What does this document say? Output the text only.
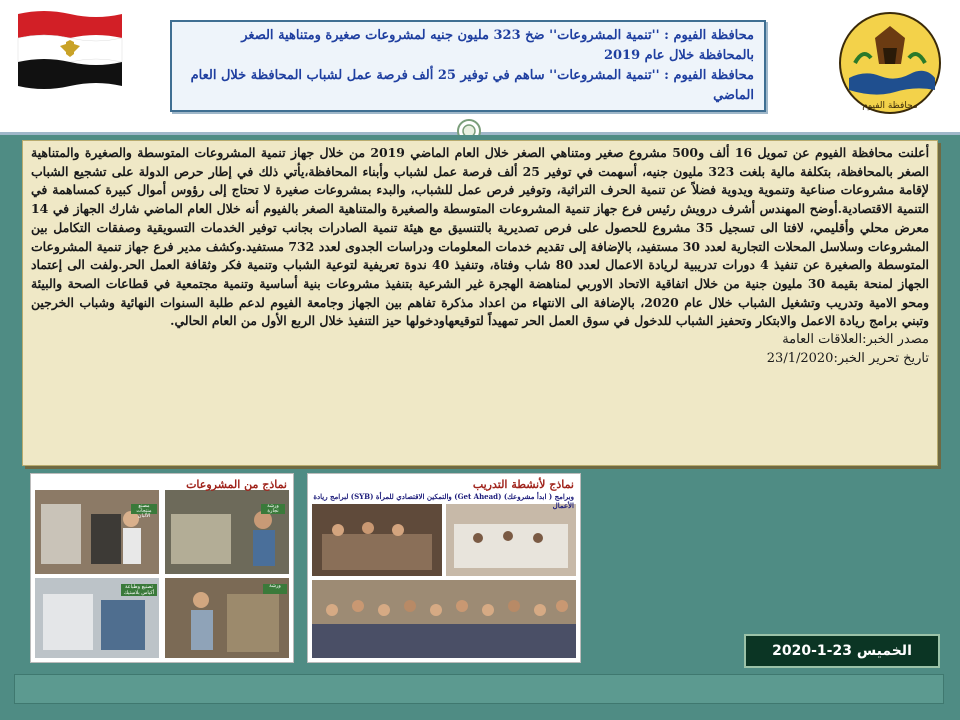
محافظة الفيوم : ''تنمية المشروعات'' ضخ 323 مليون جنيه لمشروعات صغيرة ومتناهية الصغر بالمحافظة خلال عام 2019

محافظة الفيوم : ''تنمية المشروعات'' ساهم في توفير 25 ألف فرصة عمل لشباب المحافظة خلال العام الماضي

محافظة الفيوم

أعلنت محافظة الفيوم عن تمويل 16 ألف و500 مشروع صغير ومتناهي الصغر خلال العام الماضي 2019 من خلال جهاز تنمية المشروعات المتوسطة والصغيرة والمتناهية الصغر بالمحافظة، بتكلفة مالية بلغت 323 مليون جنيه، أسهمت في توفير 25 ألف فرصة عمل لشباب وأبناء المحافظة،يأتي ذلك في إطار حرص الدولة على تشجيع الشباب لإقامة مشروعات صناعية وتنموية ويدوية فضلاً عن تنمية الحرف التراثية، وتوفير فرص عمل للشباب، والبدء بمشروعات صغيرة لا تحتاج إلى رؤوس أموال كبيرة كمساهمة في التنمية الاقتصادية.أوضح المهندس أشرف درويش رئيس فرع جهاز تنمية المشروعات المتوسطة والصغيرة والمتناهية الصغر بالفيوم أنه خلال العام الماضي شارك الجهاز في 14 معرض محلي وأقليمي، لافتا الى تسجيل 35 مشروع للحصول على فرص تصديرية بالتنسيق مع هيئة تنمية الصادرات بجانب توفير الخدمات التسويقية وصفقات التكامل بين المشروعات وسلاسل المحلات التجارية لعدد 30 مستفيد، بالإضافة إلى تقديم خدمات المعلومات ودراسات الجدوى لعدد 732 مستفيد.وكشف مدير فرع جهاز تنمية المشروعات المتوسطة والصغيرة عن تنفيذ 4 دورات تدريبية لريادة الاعمال لعدد 80 شاب وفتاة، وتنفيذ 40 ندوة تعريفية لتوعية الشباب وتنمية فكر وثقافة العمل الحر.ولفت الى إعتماد الجهاز لمنحة بقيمة 30 مليون جنية من خلال اتفاقية الاتحاد الاوربي لمناهضة الهجرة غير الشرعية بتنفيذ مشروعات بنية أساسية وتنمية مجتمعية في قطاعات الصحة والبيئة ومحو الامية وتدريب وتشغيل الشباب خلال عام 2020، بالإضافة الى الانتهاء من اعداد مذكرة تفاهم بين الجهاز وجامعة الفيوم لدعم طلبة السنوات النهائية وشباب الخرجين وتبني برامج ريادة الاعمل والابتكار وتحفيز الشباب للدخول في سوق العمل الحر تمهيداً لتوقيعهاودخولها حيز التنفيذ خلال الربع الأول من العام الحالي.

مصدر الخبر:العلاقات العامة

تاريخ تحرير الخبر:23/1/2020

نماذج من المشروعات
مصنع منتجات الألبان
ورشة نجارة
تصنيع وطباعة أكياس بلاستيك
ورشة
نماذج لأنشطة التدريب
وبرامج ( ابدأ مشروعك) (Get Ahead) والتمكين الاقتصادي للمرأة (SYB) لبرامج ريادة الأعمال
الخميس 23-1-2020
